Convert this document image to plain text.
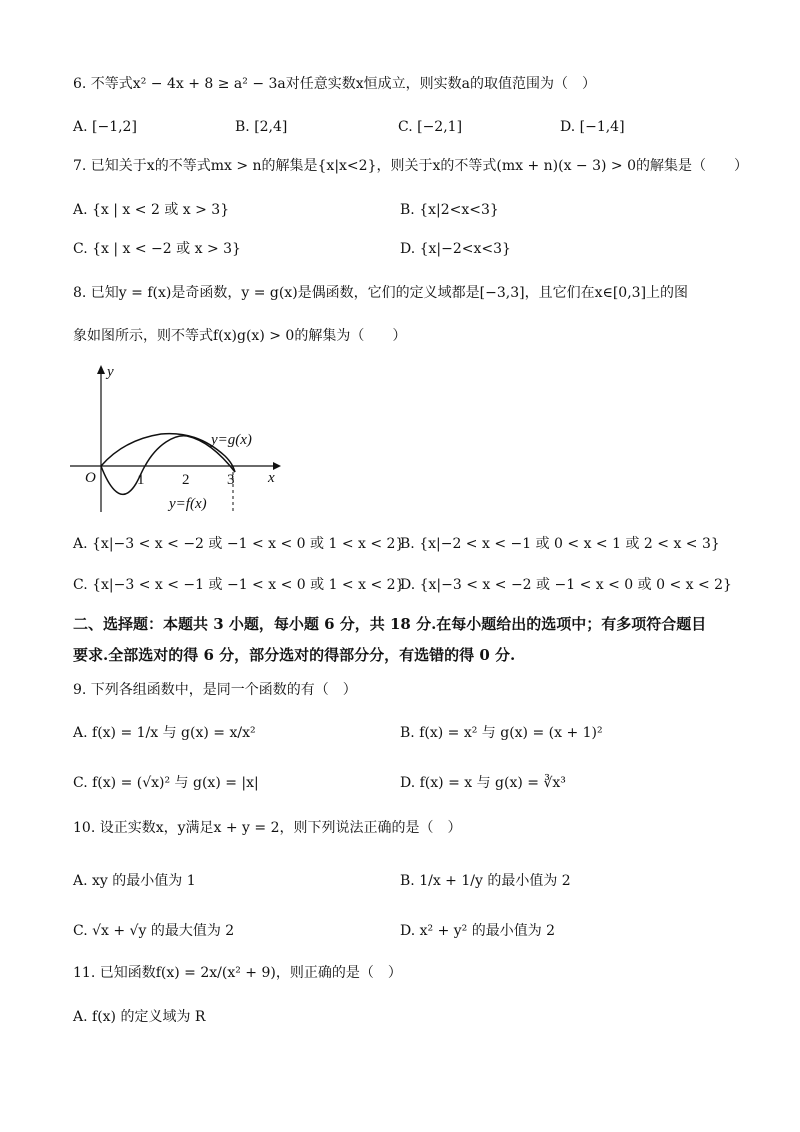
6. 不等式x² − 4x + 8 ≥ a² − 3a对任意实数x恒成立，则实数a的取值范围为（　）
A. [−1,2]	B. [2,4]	C. [−2,1]	D. [−1,4]
7. 已知关于x的不等式mx > n的解集是{x|x<2}，则关于x的不等式(mx + n)(x − 3) > 0的解集是（　　）
A. {x | x < 2 或 x > 3}	B. {x|2<x<3}
C. {x | x < −2 或 x > 3}	D. {x|−2<x<3}
8. 已知y = f(x)是奇函数，y = g(x)是偶函数，它们的定义域都是[−3,3]，且它们在x∈[0,3]上的图
象如图所示，则不等式f(x)g(x) > 0的解集为（　　）
y
x
O	1	2	3
y=g(x)
y=f(x)
A. {x|−3 < x < −2 或 −1 < x < 0 或 1 < x < 2}
B. {x|−2 < x < −1 或 0 < x < 1 或 2 < x < 3}
C. {x|−3 < x < −1 或 −1 < x < 0 或 1 < x < 2}
D. {x|−3 < x < −2 或 −1 < x < 0 或 0 < x < 2}
二、选择题：本题共 3 小题，每小题 6 分，共 18 分.在每小题给出的选项中；有多项符合题目
要求.全部选对的得 6 分，部分选对的得部分分，有选错的得 0 分.
9. 下列各组函数中，是同一个函数的有（　）
A. f(x) = 1/x 与 g(x) = x/x²	B. f(x) = x² 与 g(x) = (x + 1)²
C. f(x) = (√x)² 与 g(x) = |x|	D. f(x) = x 与 g(x) = ∛x³
10. 设正实数x，y满足x + y = 2，则下列说法正确的是（　）
A. xy 的最小值为 1	B. 1/x + 1/y 的最小值为 2
C. √x + √y 的最大值为 2	D. x² + y² 的最小值为 2
11. 已知函数f(x) = 2x/(x² + 9)，则正确的是（　）
A. f(x) 的定义域为 R
